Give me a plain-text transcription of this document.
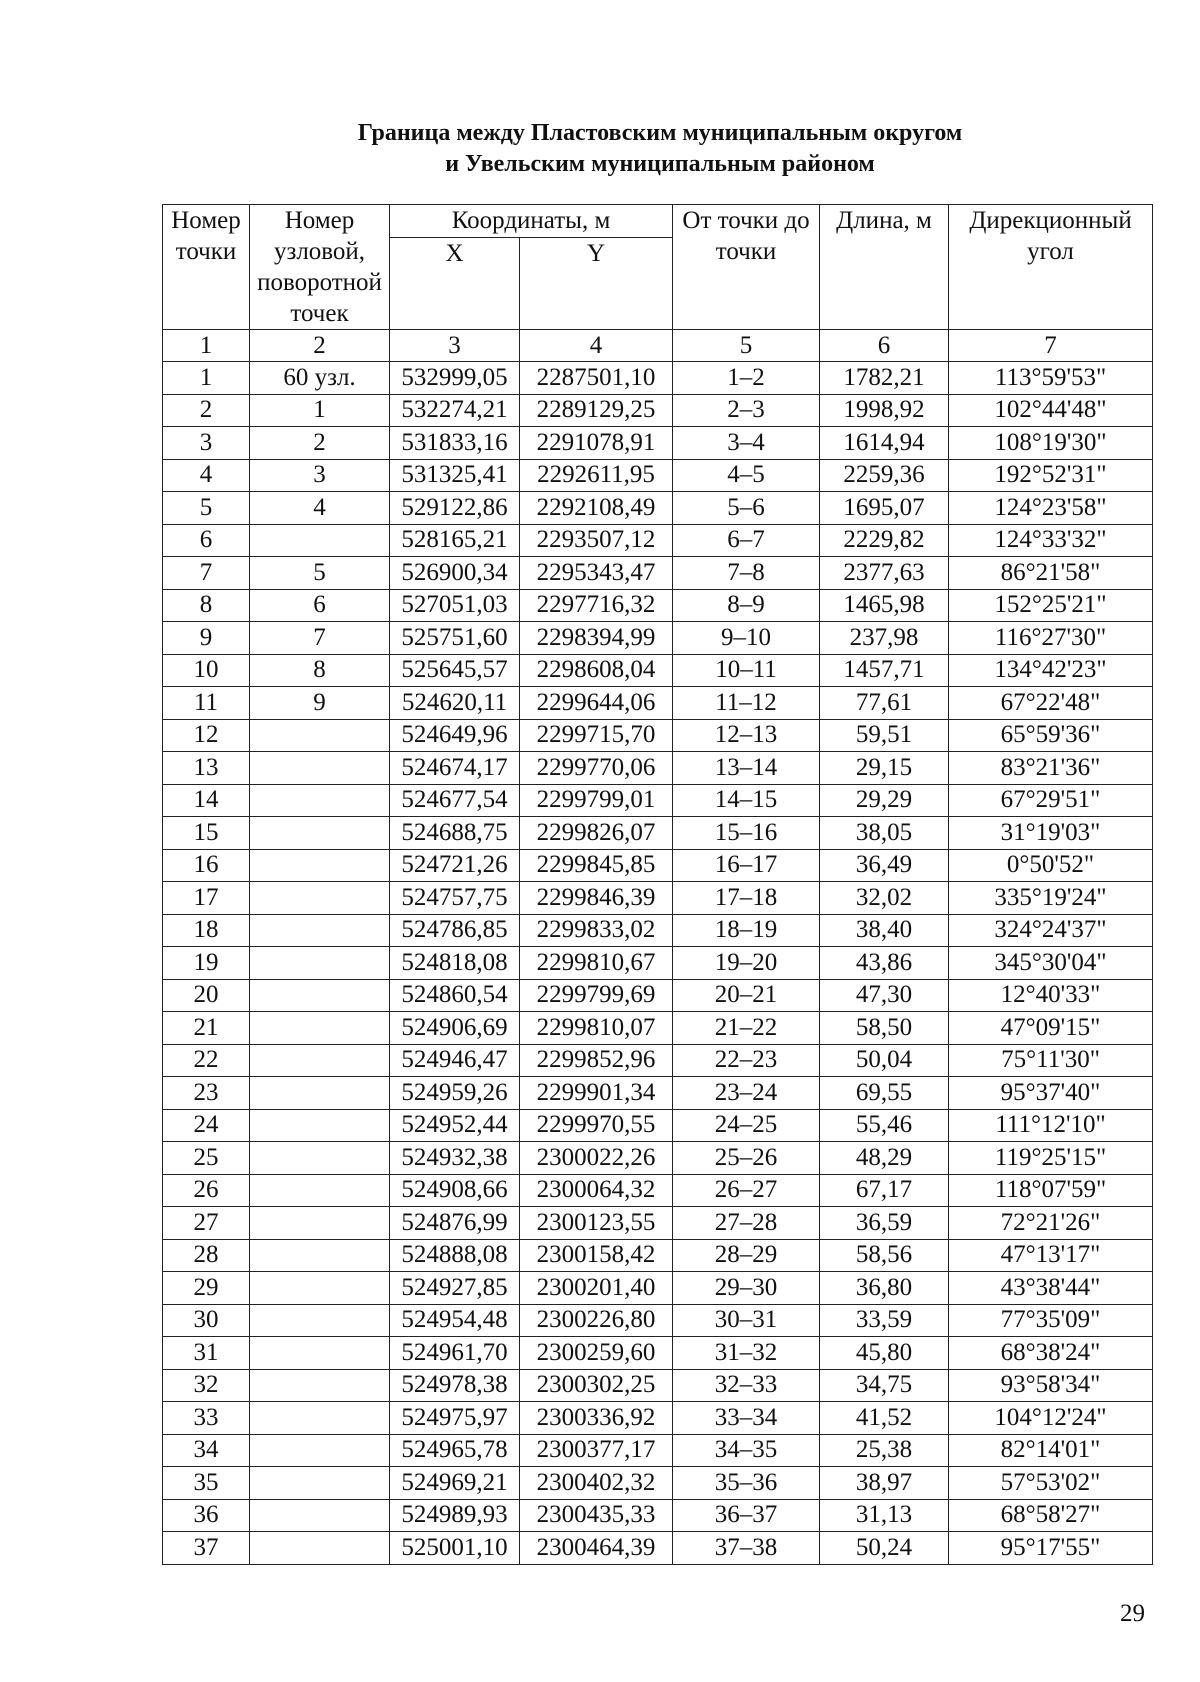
Граница между Пластовским муниципальным округом
и Увельским муниципальным районом
Номер точки	Номер узловой, поворотной точек	Координаты, м		От точки до точки	Длина, м	Дирекционный угол
		X	Y			
1	2	3	4	5	6	7
1	60 узл.	532999,05	2287501,10	1–2	1782,21	113°59'53"
2	1	532274,21	2289129,25	2–3	1998,92	102°44'48"
3	2	531833,16	2291078,91	3–4	1614,94	108°19'30"
4	3	531325,41	2292611,95	4–5	2259,36	192°52'31"
5	4	529122,86	2292108,49	5–6	1695,07	124°23'58"
6		528165,21	2293507,12	6–7	2229,82	124°33'32"
7	5	526900,34	2295343,47	7–8	2377,63	86°21'58"
8	6	527051,03	2297716,32	8–9	1465,98	152°25'21"
9	7	525751,60	2298394,99	9–10	237,98	116°27'30"
10	8	525645,57	2298608,04	10–11	1457,71	134°42'23"
11	9	524620,11	2299644,06	11–12	77,61	67°22'48"
12		524649,96	2299715,70	12–13	59,51	65°59'36"
13		524674,17	2299770,06	13–14	29,15	83°21'36"
14		524677,54	2299799,01	14–15	29,29	67°29'51"
15		524688,75	2299826,07	15–16	38,05	31°19'03"
16		524721,26	2299845,85	16–17	36,49	0°50'52"
17		524757,75	2299846,39	17–18	32,02	335°19'24"
18		524786,85	2299833,02	18–19	38,40	324°24'37"
19		524818,08	2299810,67	19–20	43,86	345°30'04"
20		524860,54	2299799,69	20–21	47,30	12°40'33"
21		524906,69	2299810,07	21–22	58,50	47°09'15"
22		524946,47	2299852,96	22–23	50,04	75°11'30"
23		524959,26	2299901,34	23–24	69,55	95°37'40"
24		524952,44	2299970,55	24–25	55,46	111°12'10"
25		524932,38	2300022,26	25–26	48,29	119°25'15"
26		524908,66	2300064,32	26–27	67,17	118°07'59"
27		524876,99	2300123,55	27–28	36,59	72°21'26"
28		524888,08	2300158,42	28–29	58,56	47°13'17"
29		524927,85	2300201,40	29–30	36,80	43°38'44"
30		524954,48	2300226,80	30–31	33,59	77°35'09"
31		524961,70	2300259,60	31–32	45,80	68°38'24"
32		524978,38	2300302,25	32–33	34,75	93°58'34"
33		524975,97	2300336,92	33–34	41,52	104°12'24"
34		524965,78	2300377,17	34–35	25,38	82°14'01"
35		524969,21	2300402,32	35–36	38,97	57°53'02"
36		524989,93	2300435,33	36–37	31,13	68°58'27"
37		525001,10	2300464,39	37–38	50,24	95°17'55"
29
